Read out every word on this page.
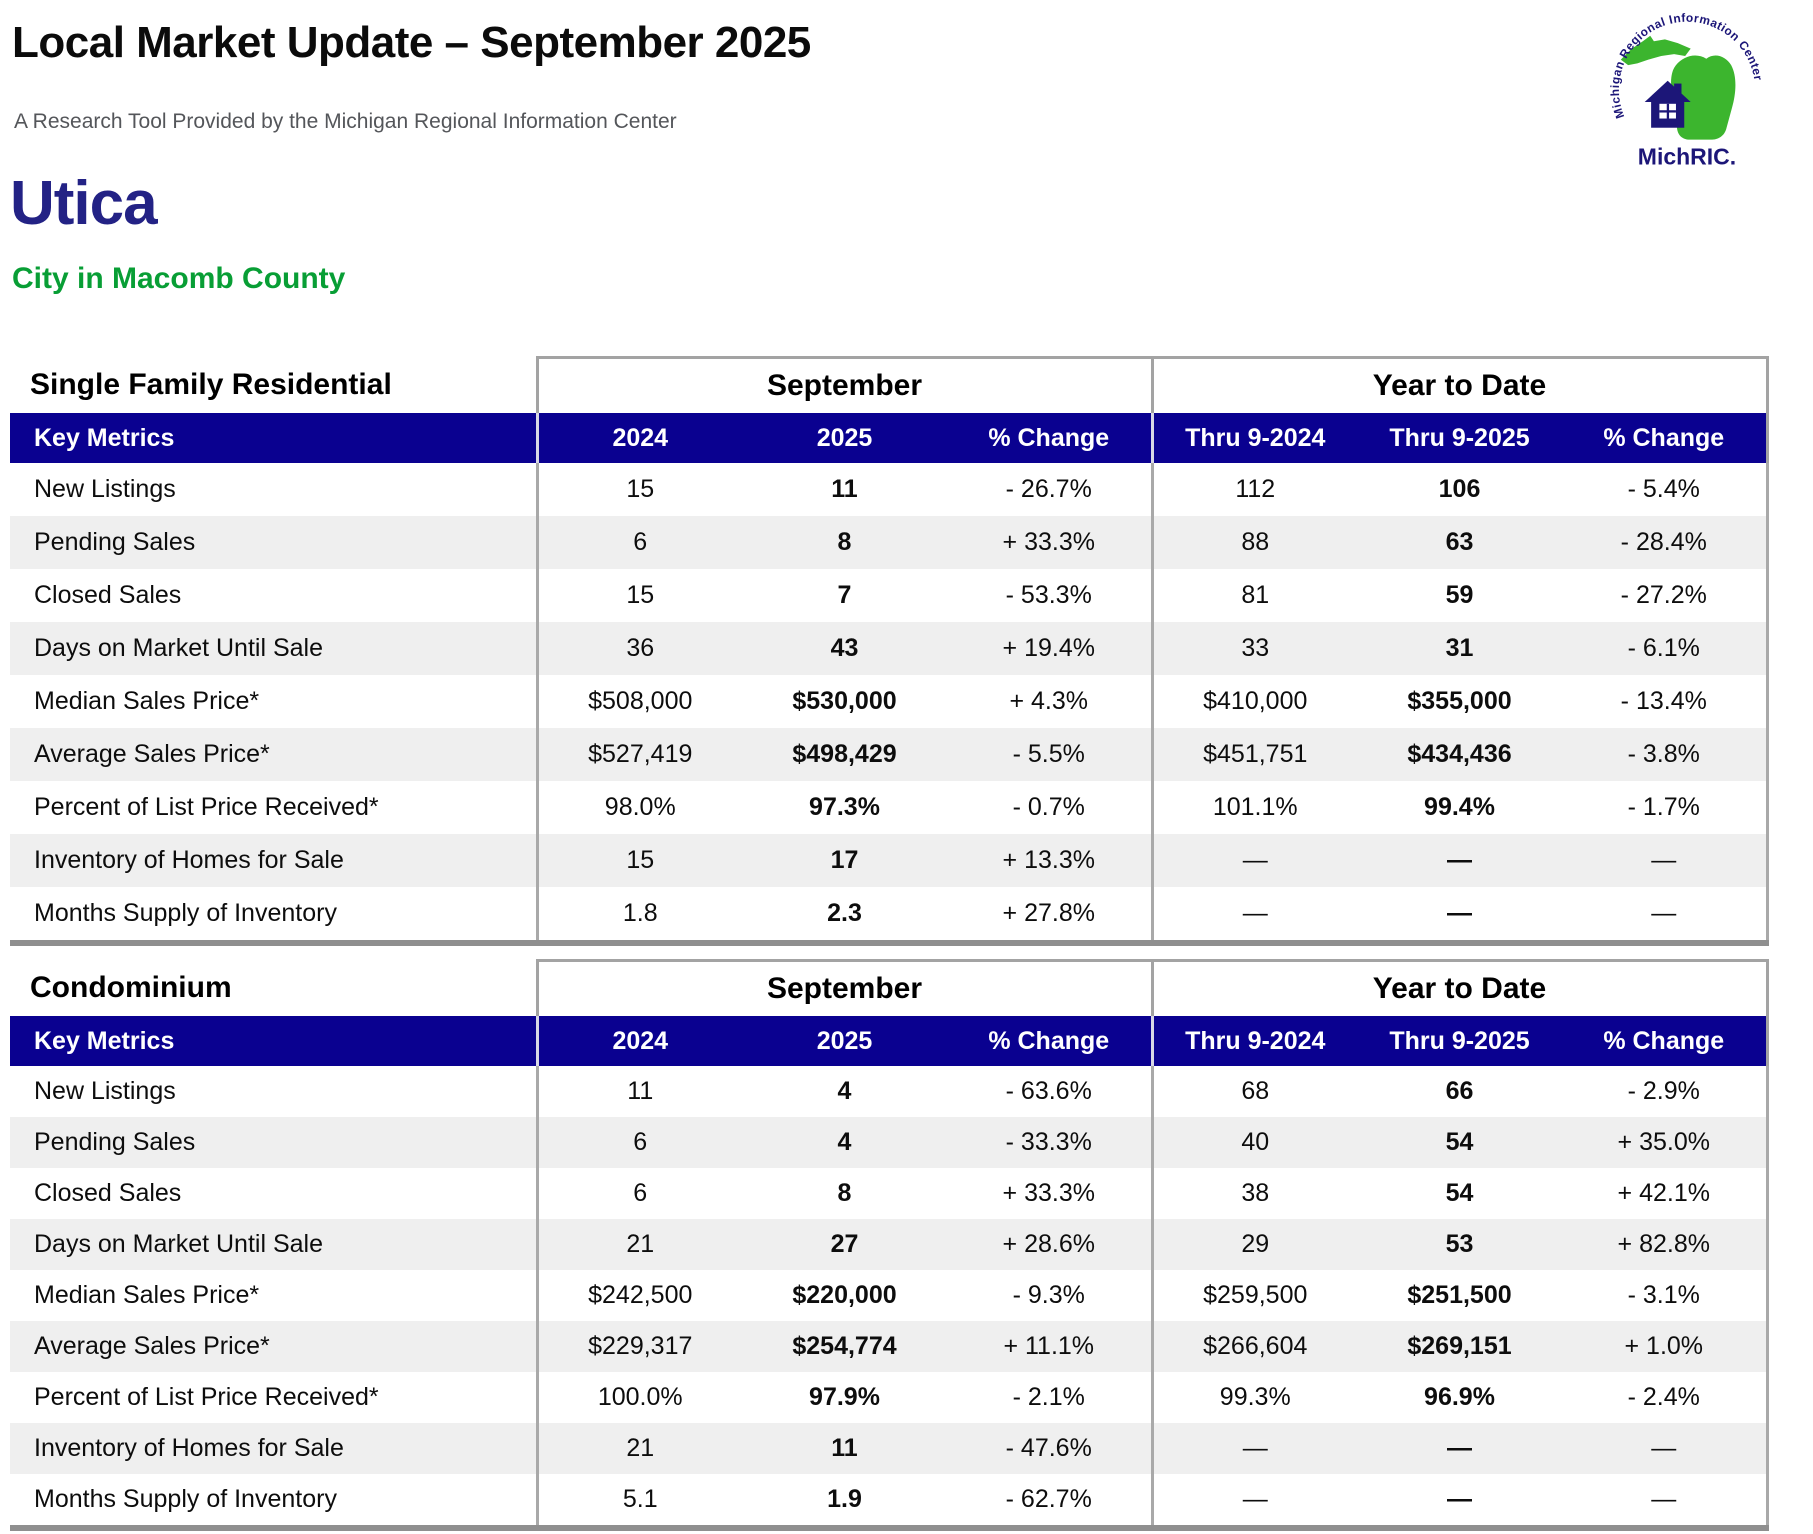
Local Market Update – September 2025

A Research Tool Provided by the Michigan Regional Information Center	Michigan Regional Information Center
MichRIC.
Utica
City in Macomb County
Single Family Residential	September			Year to Date		
Key Metrics	2024	2025	% Change	Thru 9-2024	Thru 9-2025	% Change
New Listings	15	11	- 26.7%	112	106	- 5.4%
Pending Sales	6	8	+ 33.3%	88	63	- 28.4%
Closed Sales	15	7	- 53.3%	81	59	- 27.2%
Days on Market Until Sale	36	43	+ 19.4%	33	31	- 6.1%
Median Sales Price*	$508,000	$530,000	+ 4.3%	$410,000	$355,000	- 13.4%
Average Sales Price*	$527,419	$498,429	- 5.5%	$451,751	$434,436	- 3.8%
Percent of List Price Received*	98.0%	97.3%	- 0.7%	101.1%	99.4%	- 1.7%
Inventory of Homes for Sale	15	17	+ 13.3%	—	—	—
Months Supply of Inventory	1.8	2.3	+ 27.8%	—	—	—
Condominium	September			Year to Date		
Key Metrics	2024	2025	% Change	Thru 9-2024	Thru 9-2025	% Change
New Listings	11	4	- 63.6%	68	66	- 2.9%
Pending Sales	6	4	- 33.3%	40	54	+ 35.0%
Closed Sales	6	8	+ 33.3%	38	54	+ 42.1%
Days on Market Until Sale	21	27	+ 28.6%	29	53	+ 82.8%
Median Sales Price*	$242,500	$220,000	- 9.3%	$259,500	$251,500	- 3.1%
Average Sales Price*	$229,317	$254,774	+ 11.1%	$266,604	$269,151	+ 1.0%
Percent of List Price Received*	100.0%	97.9%	- 2.1%	99.3%	96.9%	- 2.4%
Inventory of Homes for Sale	21	11	- 47.6%	—	—	—
Months Supply of Inventory	5.1	1.9	- 62.7%	—	—	—
